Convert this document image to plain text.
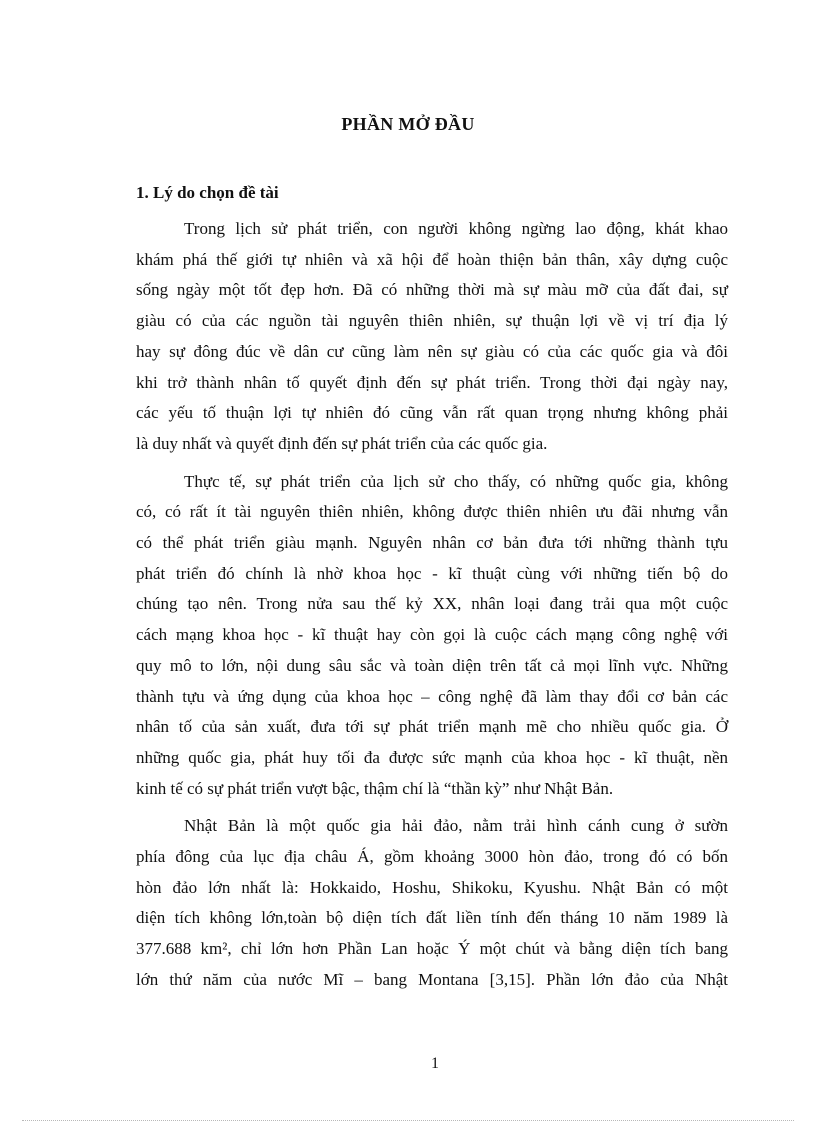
PHẦN MỞ ĐẦU
1. Lý do chọn đề tài
Trong lịch sử phát triển, con người không ngừng lao động, khát khao
khám phá thế giới tự nhiên và xã hội để hoàn thiện bản thân, xây dựng cuộc
sống ngày một tốt đẹp hơn. Đã có những thời mà sự màu mỡ của đất đai, sự
giàu có của các nguồn tài nguyên thiên nhiên, sự thuận lợi về vị trí địa lý
hay sự đông đúc về dân cư cũng làm nên sự giàu có của các quốc gia và đôi
khi trở thành nhân tố quyết định đến sự phát triển. Trong thời đại ngày nay,
các yếu tố thuận lợi tự nhiên đó cũng vẫn rất quan trọng nhưng không phải
là duy nhất và quyết định đến sự phát triển của các quốc gia.
Thực tế, sự phát triển của lịch sử cho thấy, có những quốc gia, không
có, có rất ít tài nguyên thiên nhiên, không được thiên nhiên ưu đãi nhưng vẫn
có thể phát triển giàu mạnh. Nguyên nhân cơ bản đưa tới những thành tựu
phát triển đó chính là nhờ khoa học - kĩ thuật cùng với những tiến bộ do
chúng tạo nên. Trong nửa sau thế kỷ XX, nhân loại đang trải qua một cuộc
cách mạng khoa học - kĩ thuật hay còn gọi là cuộc cách mạng công nghệ với
quy mô to lớn, nội dung sâu sắc và toàn diện trên tất cả mọi lĩnh vực. Những
thành tựu và ứng dụng của khoa học – công nghệ đã làm thay đổi cơ bản các
nhân tố của sản xuất, đưa tới sự phát triển mạnh mẽ cho nhiều quốc gia. Ở
những quốc gia, phát huy tối đa được sức mạnh của khoa học - kĩ thuật, nền
kinh tế có sự phát triển vượt bậc, thậm chí là “thần kỳ” như Nhật Bản.
Nhật Bản là một quốc gia hải đảo, nằm trải hình cánh cung ở sườn
phía đông của lục địa châu Á, gồm khoảng 3000 hòn đảo, trong đó có bốn
hòn đảo lớn nhất là: Hokkaido, Hoshu, Shikoku, Kyushu. Nhật Bản có một
diện tích không lớn,toàn bộ diện tích đất liền tính đến tháng 10 năm 1989 là
377.688 km², chỉ lớn hơn Phần Lan hoặc Ý một chút và bằng diện tích bang
lớn thứ năm của nước Mĩ – bang Montana [3,15]. Phần lớn đảo của Nhật
1
